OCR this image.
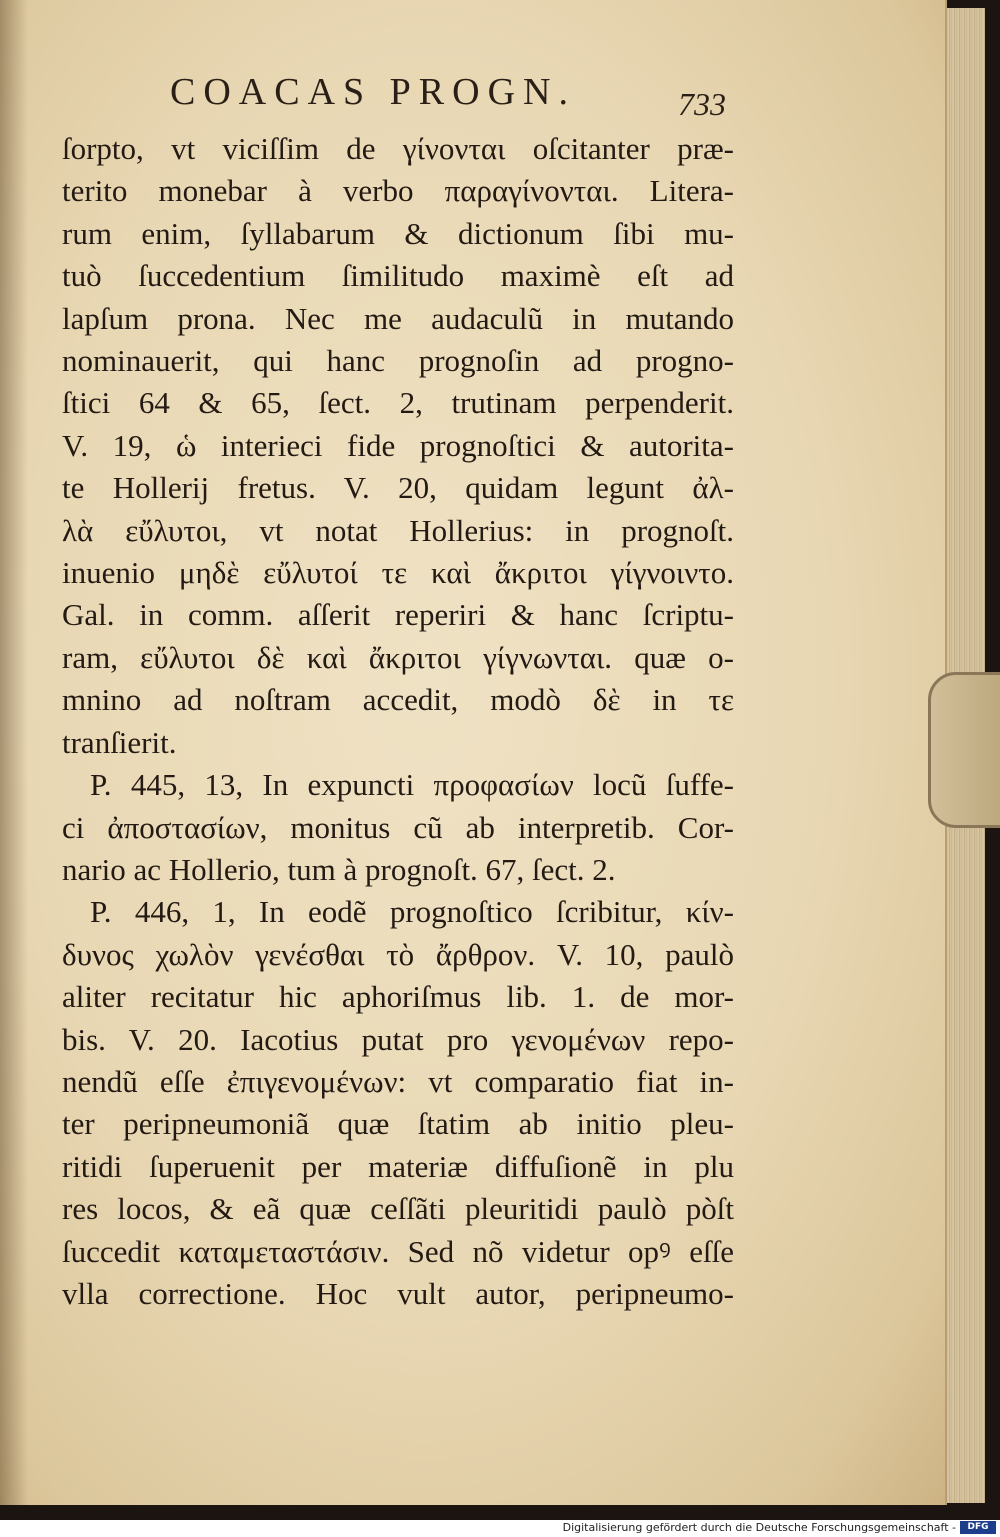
COACAS PROGN.	733
ſorpto, vt viciſſim de γίνονται oſcitanter præ-
terito monebar à verbo παραγίνονται. Litera-
rum enim, ſyllabarum & dictionum ſibi mu-
tuò ſuccedentium ſimilitudo maximè eſt ad
lapſum prona. Nec me audaculũ in mutando
nominauerit, qui hanc prognoſin ad progno-
ſtici 64 & 65, ſect. 2, trutinam perpenderit.
V. 19, ὡ interieci fide prognoſtici & autorita-
te Hollerij fretus. V. 20, quidam legunt ἀλ-
λὰ εὔλυτοι, vt notat Hollerius: in prognoſt.
inuenio μηδὲ εὔλυτοί τε καὶ ἄκριτοι γίγνοιντο.
Gal. in comm. aſſerit reperiri & hanc ſcriptu-
ram, εὔλυτοι δὲ καὶ ἄκριτοι γίγνωνται. quæ o-
mnino ad noſtram accedit, modò δὲ in τε
tranſierit.
P. 445, 13, In expuncti προφασίων locũ ſuffe-
ci ἀποστασίων, monitus cũ ab interpretib. Cor-
nario ac Hollerio, tum à prognoſt. 67, ſect. 2.
P. 446, 1, In eodẽ prognoſtico ſcribitur, κίν-
δυνος χωλὸν γενέσθαι τὸ ἄρθρον. V. 10, paulò
aliter recitatur hic aphoriſmus lib. 1. de mor-
bis. V. 20. Iacotius putat pro γενομένων repo-
nendũ eſſe ἐπιγενομένων: vt comparatio fiat in-
ter peripneumoniã quæ ſtatim ab initio pleu-
ritidi ſuperuenit per materiæ diffuſionẽ in plu
res locos, & eã quæ ceſſãti pleuritidi paulò pòſt
ſuccedit καταμεταστάσιν. Sed nõ videtur opꝰ eſſe
vlla correctione. Hoc vult autor, peripneumo-
Digitalisierung gefördert durch die Deutsche Forschungsgemeinschaft -	DFG
